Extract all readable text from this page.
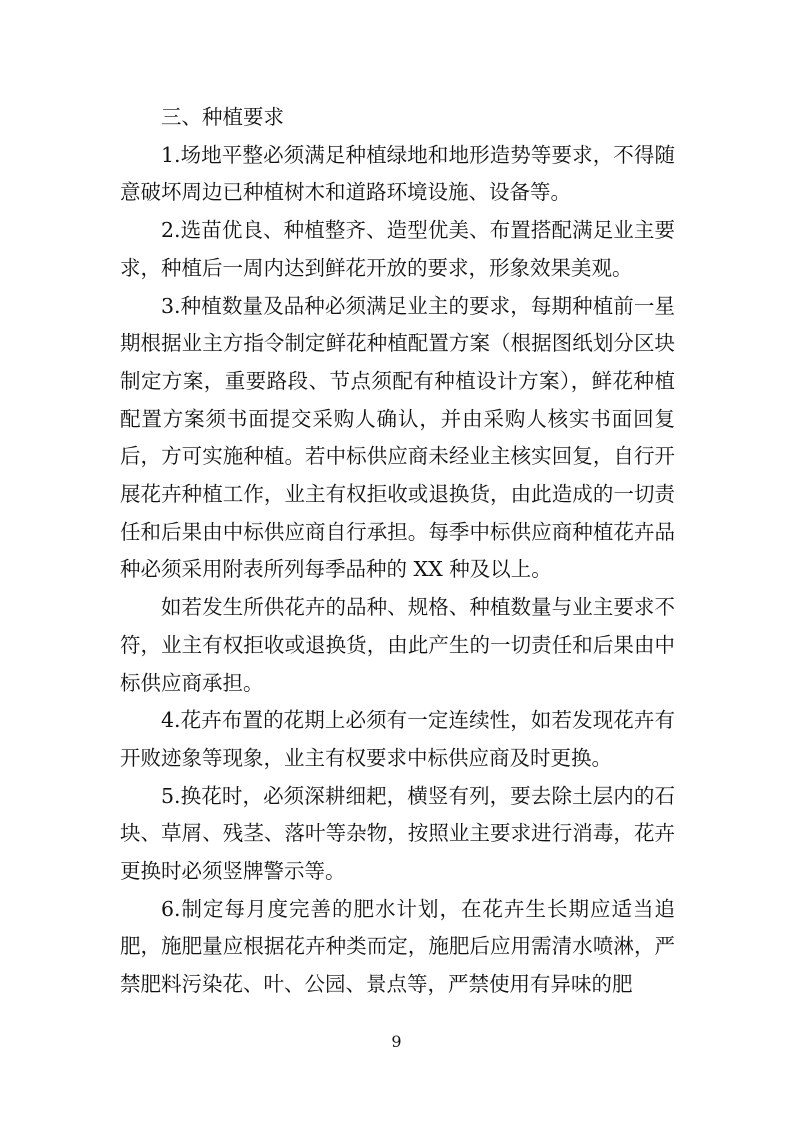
三、种植要求

1.场地平整必须满足种植绿地和地形造势等要求，不得随意破坏周边已种植树木和道路环境设施、设备等。

2.选苗优良、种植整齐、造型优美、布置搭配满足业主要求，种植后一周内达到鲜花开放的要求，形象效果美观。

3.种植数量及品种必须满足业主的要求，每期种植前一星期根据业主方指令制定鲜花种植配置方案（根据图纸划分区块制定方案，重要路段、节点须配有种植设计方案），鲜花种植配置方案须书面提交采购人确认，并由采购人核实书面回复后，方可实施种植。若中标供应商未经业主核实回复，自行开展花卉种植工作，业主有权拒收或退换货，由此造成的一切责任和后果由中标供应商自行承担。每季中标供应商种植花卉品种必须采用附表所列每季品种的 XX 种及以上。

如若发生所供花卉的品种、规格、种植数量与业主要求不符，业主有权拒收或退换货，由此产生的一切责任和后果由中标供应商承担。

4.花卉布置的花期上必须有一定连续性，如若发现花卉有开败迹象等现象，业主有权要求中标供应商及时更换。

5.换花时，必须深耕细耙，横竖有列，要去除土层内的石块、草屑、残茎、落叶等杂物，按照业主要求进行消毒，花卉更换时必须竖牌警示等。

6.制定每月度完善的肥水计划，在花卉生长期应适当追肥，施肥量应根据花卉种类而定，施肥后应用需清水喷淋，严禁肥料污染花、叶、公园、景点等，严禁使用有异味的肥

9
